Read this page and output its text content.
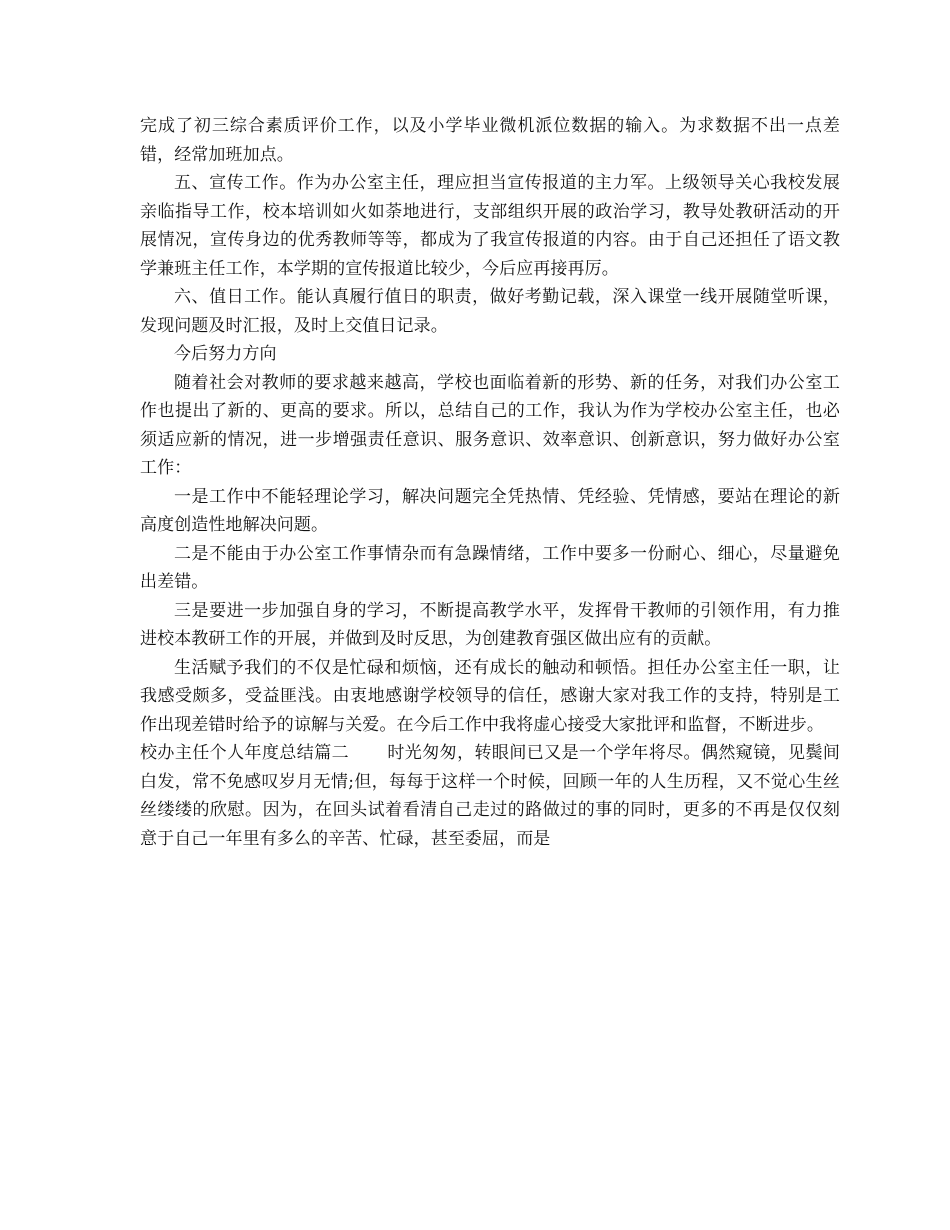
完成了初三综合素质评价工作，以及小学毕业微机派位数据的输入。为求数据不出一点差错，经常加班加点。

五、宣传工作。作为办公室主任，理应担当宣传报道的主力军。上级领导关心我校发展亲临指导工作，校本培训如火如荼地进行，支部组织开展的政治学习，教导处教研活动的开展情况，宣传身边的优秀教师等等，都成为了我宣传报道的内容。由于自己还担任了语文教学兼班主任工作，本学期的宣传报道比较少，今后应再接再厉。

六、值日工作。能认真履行值日的职责，做好考勤记载，深入课堂一线开展随堂听课，发现问题及时汇报，及时上交值日记录。

今后努力方向

随着社会对教师的要求越来越高，学校也面临着新的形势、新的任务，对我们办公室工作也提出了新的、更高的要求。所以，总结自己的工作，我认为作为学校办公室主任，也必须适应新的情况，进一步增强责任意识、服务意识、效率意识、创新意识，努力做好办公室工作：

一是工作中不能轻理论学习，解决问题完全凭热情、凭经验、凭情感，要站在理论的新高度创造性地解决问题。

二是不能由于办公室工作事情杂而有急躁情绪，工作中要多一份耐心、细心，尽量避免出差错。

三是要进一步加强自身的学习，不断提高教学水平，发挥骨干教师的引领作用，有力推进校本教研工作的开展，并做到及时反思，为创建教育强区做出应有的贡献。

生活赋予我们的不仅是忙碌和烦恼，还有成长的触动和顿悟。担任办公室主任一职，让我感受颇多，受益匪浅。由衷地感谢学校领导的信任，感谢大家对我工作的支持，特别是工作出现差错时给予的谅解与关爱。在今后工作中我将虚心接受大家批评和监督，不断进步。

校办主任个人年度总结篇二 时光匆匆，转眼间已又是一个学年将尽。偶然窥镜，见鬓间白发，常不免感叹岁月无情;但，每每于这样一个时候，回顾一年的人生历程，又不觉心生丝丝缕缕的欣慰。因为，在回头试着看清自己走过的路做过的事的同时，更多的不再是仅仅刻意于自己一年里有多么的辛苦、忙碌，甚至委屈，而是
